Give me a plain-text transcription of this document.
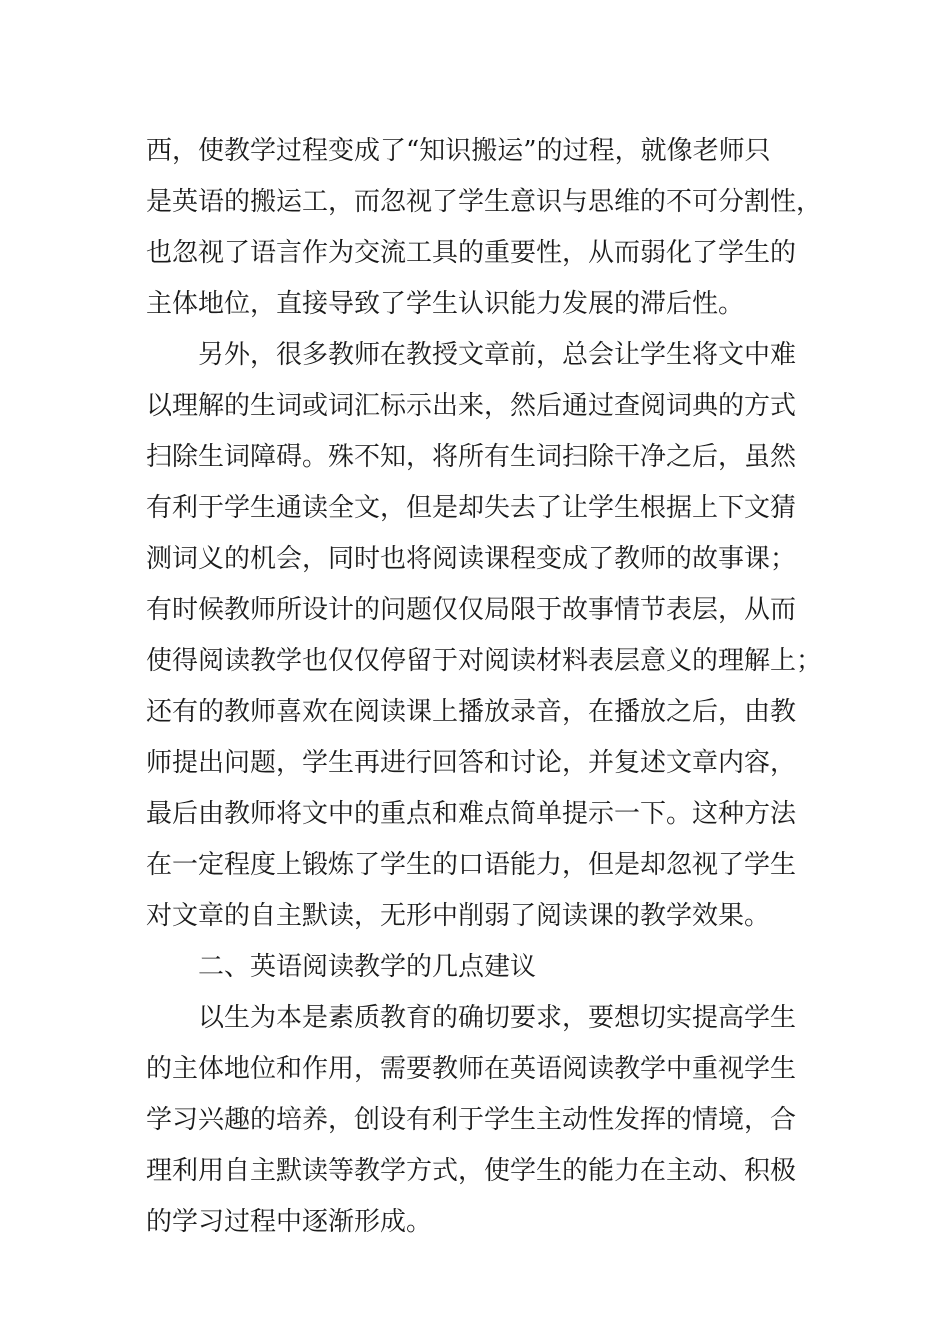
西，使教学过程变成了“知识搬运”的过程，就像老师只
是英语的搬运工，而忽视了学生意识与思维的不可分割性，
也忽视了语言作为交流工具的重要性，从而弱化了学生的
主体地位，直接导致了学生认识能力发展的滞后性。
另外，很多教师在教授文章前，总会让学生将文中难
以理解的生词或词汇标示出来，然后通过查阅词典的方式
扫除生词障碍。殊不知，将所有生词扫除干净之后，虽然
有利于学生通读全文，但是却失去了让学生根据上下文猜
测词义的机会，同时也将阅读课程变成了教师的故事课；
有时候教师所设计的问题仅仅局限于故事情节表层，从而
使得阅读教学也仅仅停留于对阅读材料表层意义的理解上；
还有的教师喜欢在阅读课上播放录音，在播放之后，由教
师提出问题，学生再进行回答和讨论，并复述文章内容，
最后由教师将文中的重点和难点简单提示一下。这种方法
在一定程度上锻炼了学生的口语能力，但是却忽视了学生
对文章的自主默读，无形中削弱了阅读课的教学效果。
二、英语阅读教学的几点建议
以生为本是素质教育的确切要求，要想切实提高学生
的主体地位和作用，需要教师在英语阅读教学中重视学生
学习兴趣的培养，创设有利于学生主动性发挥的情境，合
理利用自主默读等教学方式，使学生的能力在主动、积极
的学习过程中逐渐形成。
